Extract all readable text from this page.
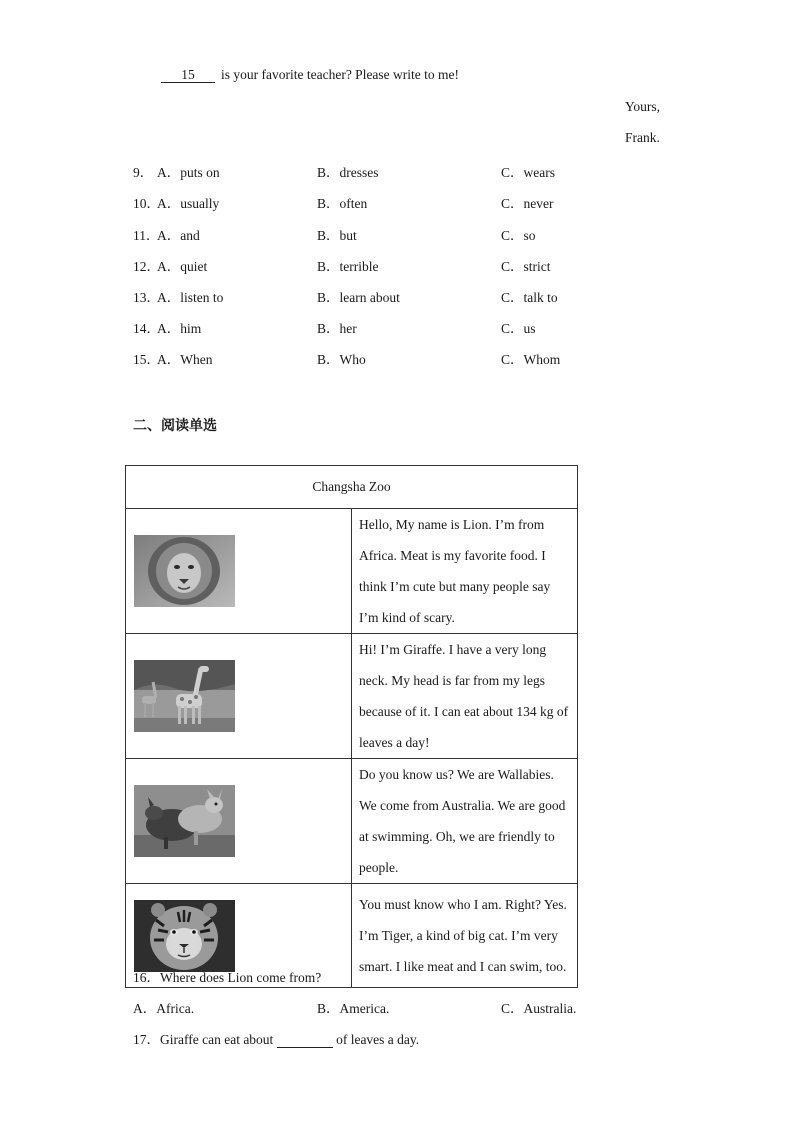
15 is your favorite teacher? Please write to me!
Yours,
Frank.
9． A．puts on	B．dresses	C．wears
10．
A．usually	B．often	C．never
11．
A．and	B．but	C．so
12．
A．quiet	B．terrible	C．strict
13．
A．listen to	B．learn about	C．talk to
14．
A．him	B．her	C．us
15．
A．When	B．Who	C．Whom
二、阅读单选
Changsha Zoo	

	Hello, My name is Lion. I’m from Africa. Meat is my favorite food. I think I’m cute but many people say I’m kind of scary.

	Hi! I’m Giraffe. I have a very long neck. My head is far from my legs because of it. I can eat about 134 kg of leaves a day!

	Do you know us? We are Wallabies. We come from Australia. We are good at swimming. Oh, we are friendly to people.

	You must know who I am. Right? Yes. I’m Tiger, a kind of big cat. I’m very smart. I like meat and I can swim, too.
16．Where does Lion come from?
A．Africa.	B．America.	C．Australia.
17．Giraffe can eat about	of leaves a day.
